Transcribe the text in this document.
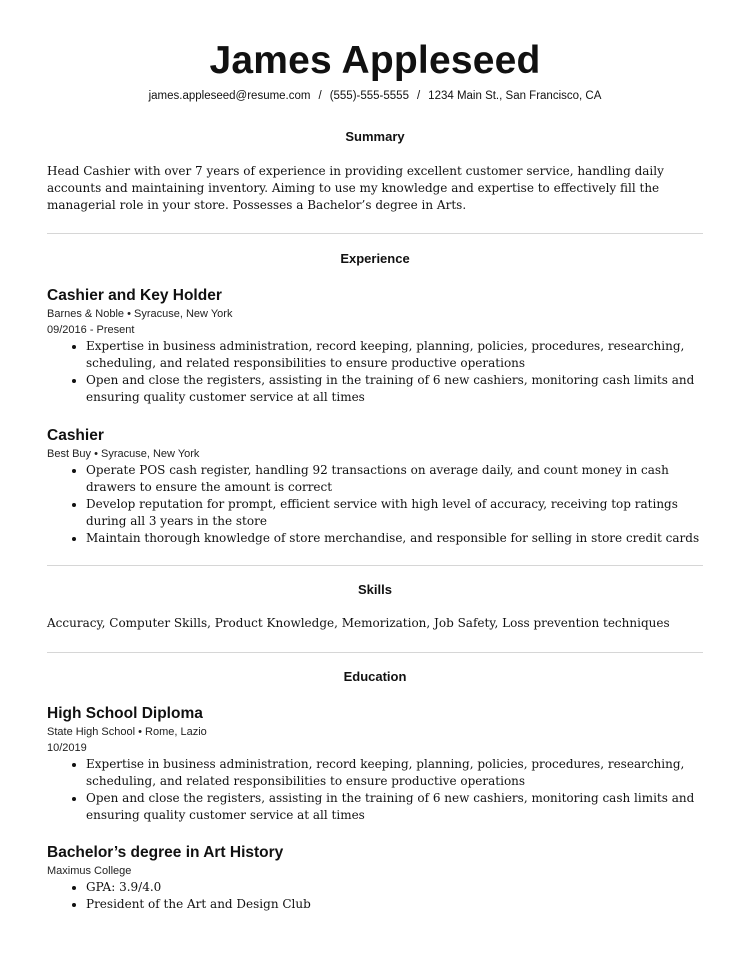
James Appleseed
james.appleseed@resume.com / (555)-555-5555 / 1234 Main St., San Francisco, CA
Summary
Head Cashier with over 7 years of experience in providing excellent customer service, handling daily accounts and maintaining inventory. Aiming to use my knowledge and expertise to effectively fill the managerial role in your store. Possesses a Bachelor’s degree in Arts.
Experience
Cashier and Key Holder
Barnes & Noble • Syracuse, New York
09/2016 - Present
• Expertise in business administration, record keeping, planning, policies, procedures, researching, scheduling, and related responsibilities to ensure productive operations
• Open and close the registers, assisting in the training of 6 new cashiers, monitoring cash limits and ensuring quality customer service at all times
Cashier
Best Buy • Syracuse, New York
• Operate POS cash register, handling 92 transactions on average daily, and count money in cash drawers to ensure the amount is correct
• Develop reputation for prompt, efficient service with high level of accuracy, receiving top ratings during all 3 years in the store
• Maintain thorough knowledge of store merchandise, and responsible for selling in store credit cards
Skills
Accuracy, Computer Skills, Product Knowledge, Memorization, Job Safety, Loss prevention techniques
Education
High School Diploma
State High School • Rome, Lazio
10/2019
• Expertise in business administration, record keeping, planning, policies, procedures, researching, scheduling, and related responsibilities to ensure productive operations
• Open and close the registers, assisting in the training of 6 new cashiers, monitoring cash limits and ensuring quality customer service at all times
Bachelor’s degree in Art History
Maximus College
• GPA: 3.9/4.0
• President of the Art and Design Club
